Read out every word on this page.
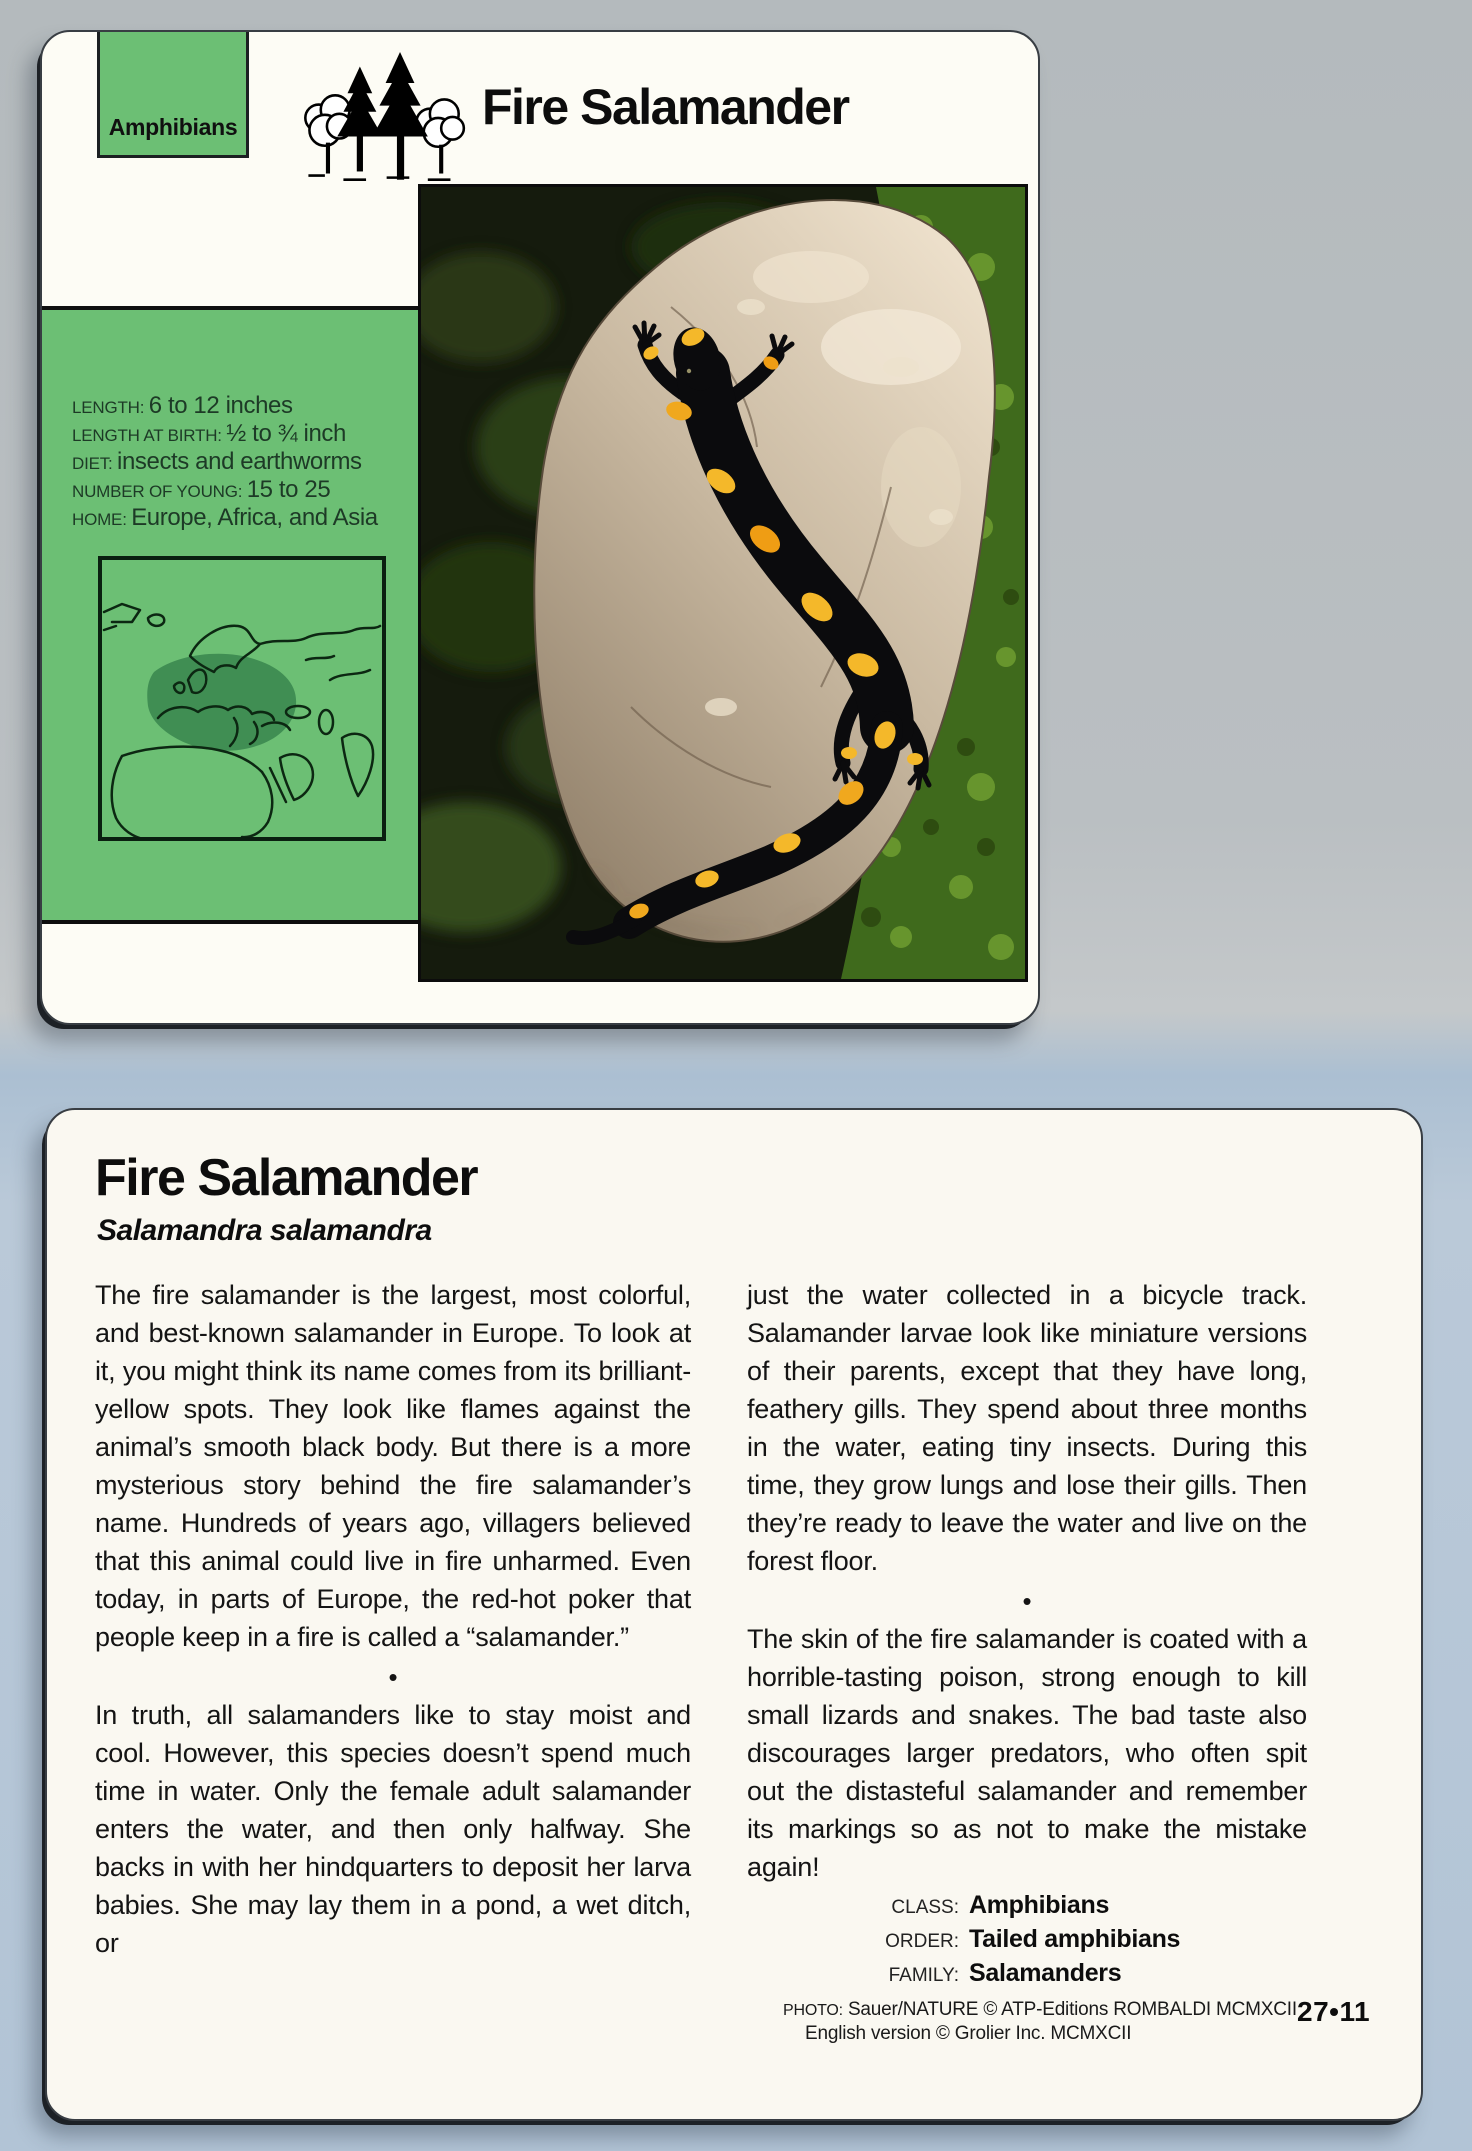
Amphibians	Fire Salamander
LENGTH: 6 to 12 inches
LENGTH AT BIRTH: ½ to ¾ inch
DIET: insects and earthworms
NUMBER OF YOUNG: 15 to 25
HOME: Europe, Africa, and Asia
Fire Salamander
Salamandra salamandra

The fire salamander is the largest, most colorful, and best-known salamander in Europe. To look at it, you might think its name comes from its brilliant-yellow spots. They look like flames against the animal’s smooth black body. But there is a more mysterious story behind the fire salamander’s name. Hundreds of years ago, villagers believed that this animal could live in fire unharmed. Even today, in parts of Europe, the red-hot poker that people keep in a fire is called a “salamander.”

•

In truth, all salamanders like to stay moist and cool. However, this species doesn’t spend much time in water. Only the female adult salamander enters the water, and then only halfway. She backs in with her hindquarters to deposit her larva babies. She may lay them in a pond, a wet ditch, or

just the water collected in a bicycle track. Salamander larvae look like miniature versions of their parents, except that they have long, feathery gills. They spend about three months in the water, eating tiny insects. During this time, they grow lungs and lose their gills. Then they’re ready to leave the water and live on the forest floor.

•

The skin of the fire salamander is coated with a horrible-tasting poison, strong enough to kill small lizards and snakes. The bad taste also discourages larger predators, who often spit out the distasteful salamander and remember its markings so as not to make the mistake again!

CLASS: Amphibians
ORDER: Tailed amphibians
FAMILY: Salamanders
PHOTO: Sauer/NATURE © ATP-Editions ROMBALDI MCMXCII
English version © Grolier Inc. MCMXCII
27•11
